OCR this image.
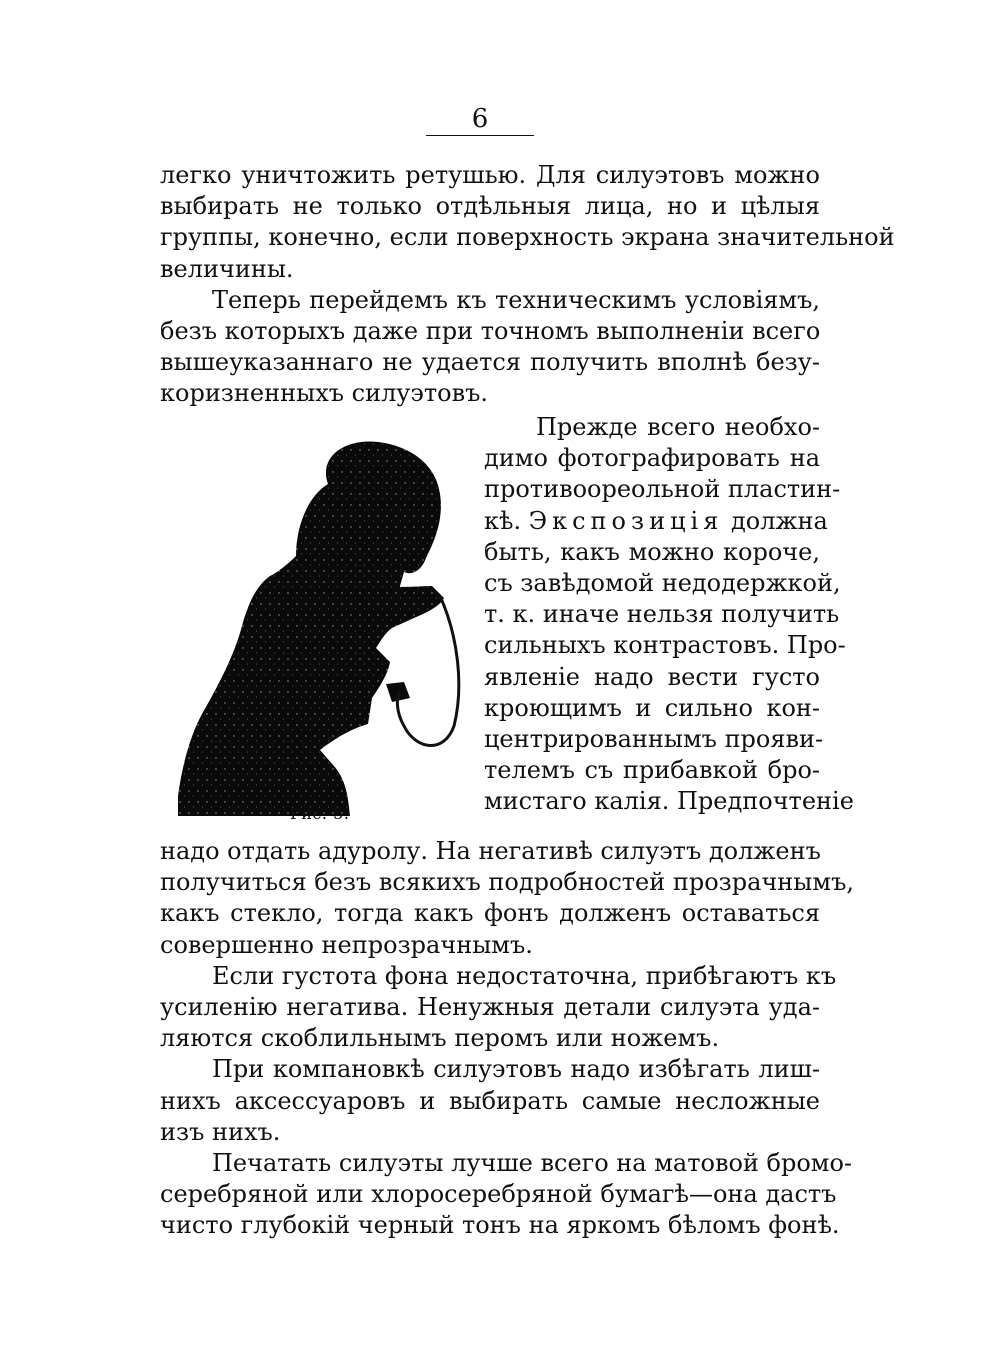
6
легко уничтожить ретушью. Для силуэтовъ можно
выбирать не только отдѣльныя лица, но и цѣлыя
группы, конечно, если поверхность экрана значительной
величины.
Теперь перейдемъ къ техническимъ условіямъ,
безъ которыхъ даже при точномъ выполненіи всего
вышеуказаннаго не удается получить вполнѣ безу-
коризненныхъ силуэтовъ.
Рис. 5.
Прежде всего необхо-
димо фотографировать на
противоореольной пластин-
кѣ. Экспозиція должна
быть, какъ можно короче,
съ завѣдомой недодержкой,
т. к. иначе нельзя получить
сильныхъ контрастовъ. Про-
явленіе надо вести густо
кроющимъ и сильно кон-
центрированнымъ прояви-
телемъ съ прибавкой бро-
мистаго калія. Предпочтеніе
надо отдать адуролу. На негативѣ силуэтъ долженъ
получиться безъ всякихъ подробностей прозрачнымъ,
какъ стекло, тогда какъ фонъ долженъ оставаться
совершенно непрозрачнымъ.
Если густота фона недостаточна, прибѣгаютъ къ
усиленію негатива. Ненужныя детали силуэта уда-
ляются скоблильнымъ перомъ или ножемъ.
При компановкѣ силуэтовъ надо избѣгать лиш-
нихъ аксессуаровъ и выбирать самые несложные
изъ нихъ.
Печатать силуэты лучше всего на матовой бромо-
серебряной или хлоросеребряной бумагѣ—она дастъ
чисто глубокій черный тонъ на яркомъ бѣломъ фонѣ.
